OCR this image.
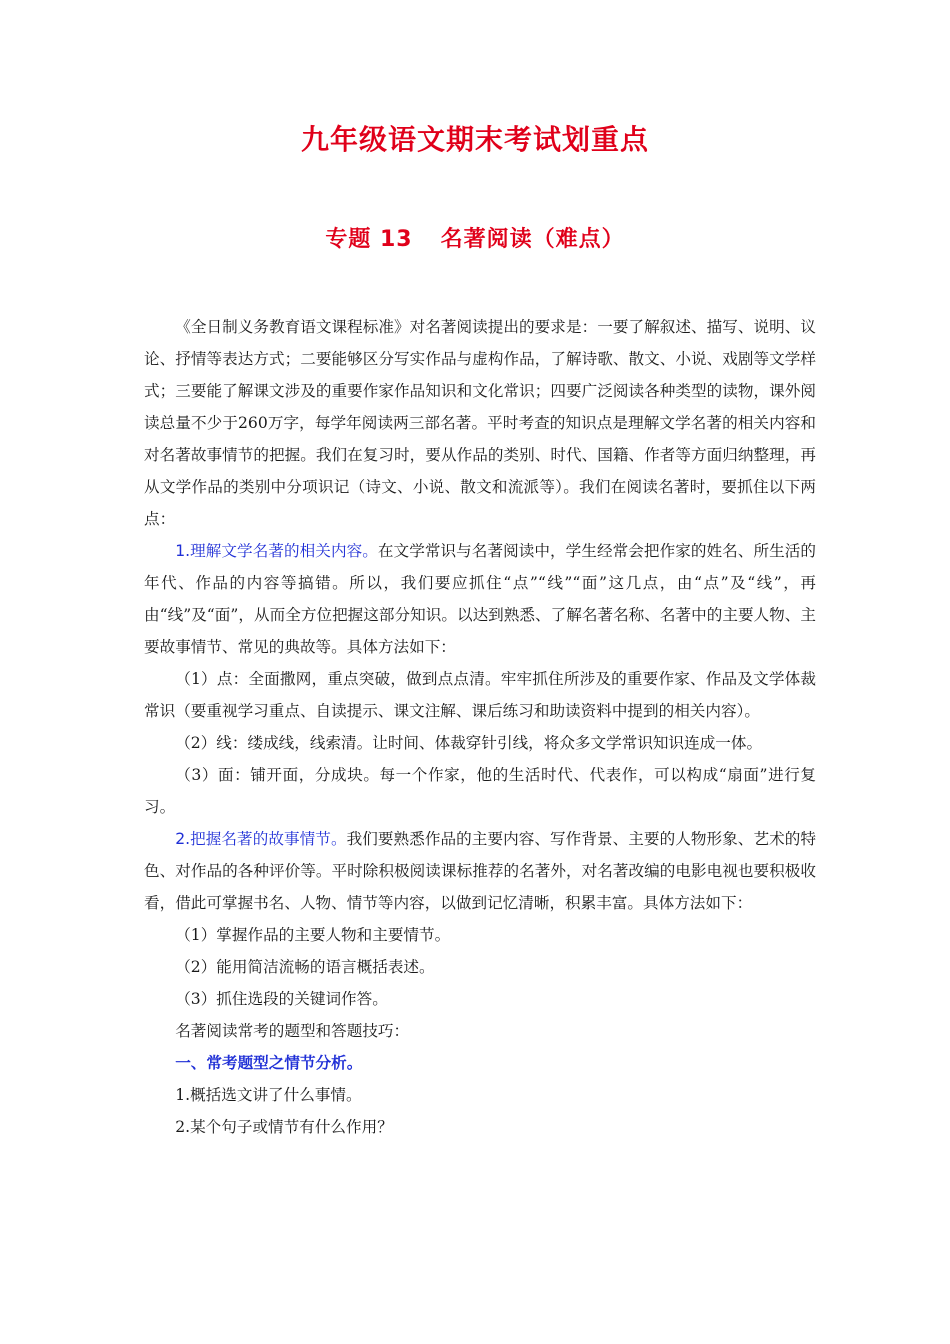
九年级语文期末考试划重点
专题 13 名著阅读（难点）

《全日制义务教育语文课程标准》对名著阅读提出的要求是：一要了解叙述、描写、说明、议论、抒情等表达方式；二要能够区分写实作品与虚构作品，了解诗歌、散文、小说、戏剧等文学样式；三要能了解课文涉及的重要作家作品知识和文化常识；四要广泛阅读各种类型的读物，课外阅读总量不少于260万字，每学年阅读两三部名著。平时考查的知识点是理解文学名著的相关内容和对名著故事情节的把握。我们在复习时，要从作品的类别、时代、国籍、作者等方面归纳整理，再从文学作品的类别中分项识记（诗文、小说、散文和流派等）。我们在阅读名著时，要抓住以下两点：

1.理解文学名著的相关内容。在文学常识与名著阅读中，学生经常会把作家的姓名、所生活的年代、作品的内容等搞错。所以，我们要应抓住“点”“线”“面”这几点，由“点”及“线”，再由“线”及“面”，从而全方位把握这部分知识。以达到熟悉、了解名著名称、名著中的主要人物、主要故事情节、常见的典故等。具体方法如下：

（1）点：全面撒网，重点突破，做到点点清。牢牢抓住所涉及的重要作家、作品及文学体裁常识（要重视学习重点、自读提示、课文注解、课后练习和助读资料中提到的相关内容）。

（2）线：缕成线，线索清。让时间、体裁穿针引线，将众多文学常识知识连成一体。

（3）面：铺开面，分成块。每一个作家，他的生活时代、代表作，可以构成“扇面”进行复习。

2.把握名著的故事情节。我们要熟悉作品的主要内容、写作背景、主要的人物形象、艺术的特色、对作品的各种评价等。平时除积极阅读课标推荐的名著外，对名著改编的电影电视也要积极收看，借此可掌握书名、人物、情节等内容，以做到记忆清晰，积累丰富。具体方法如下：

（1）掌握作品的主要人物和主要情节。

（2）能用简洁流畅的语言概括表述。

（3）抓住选段的关键词作答。

名著阅读常考的题型和答题技巧：

一、常考题型之情节分析。

1.概括选文讲了什么事情。

2.某个句子或情节有什么作用？
